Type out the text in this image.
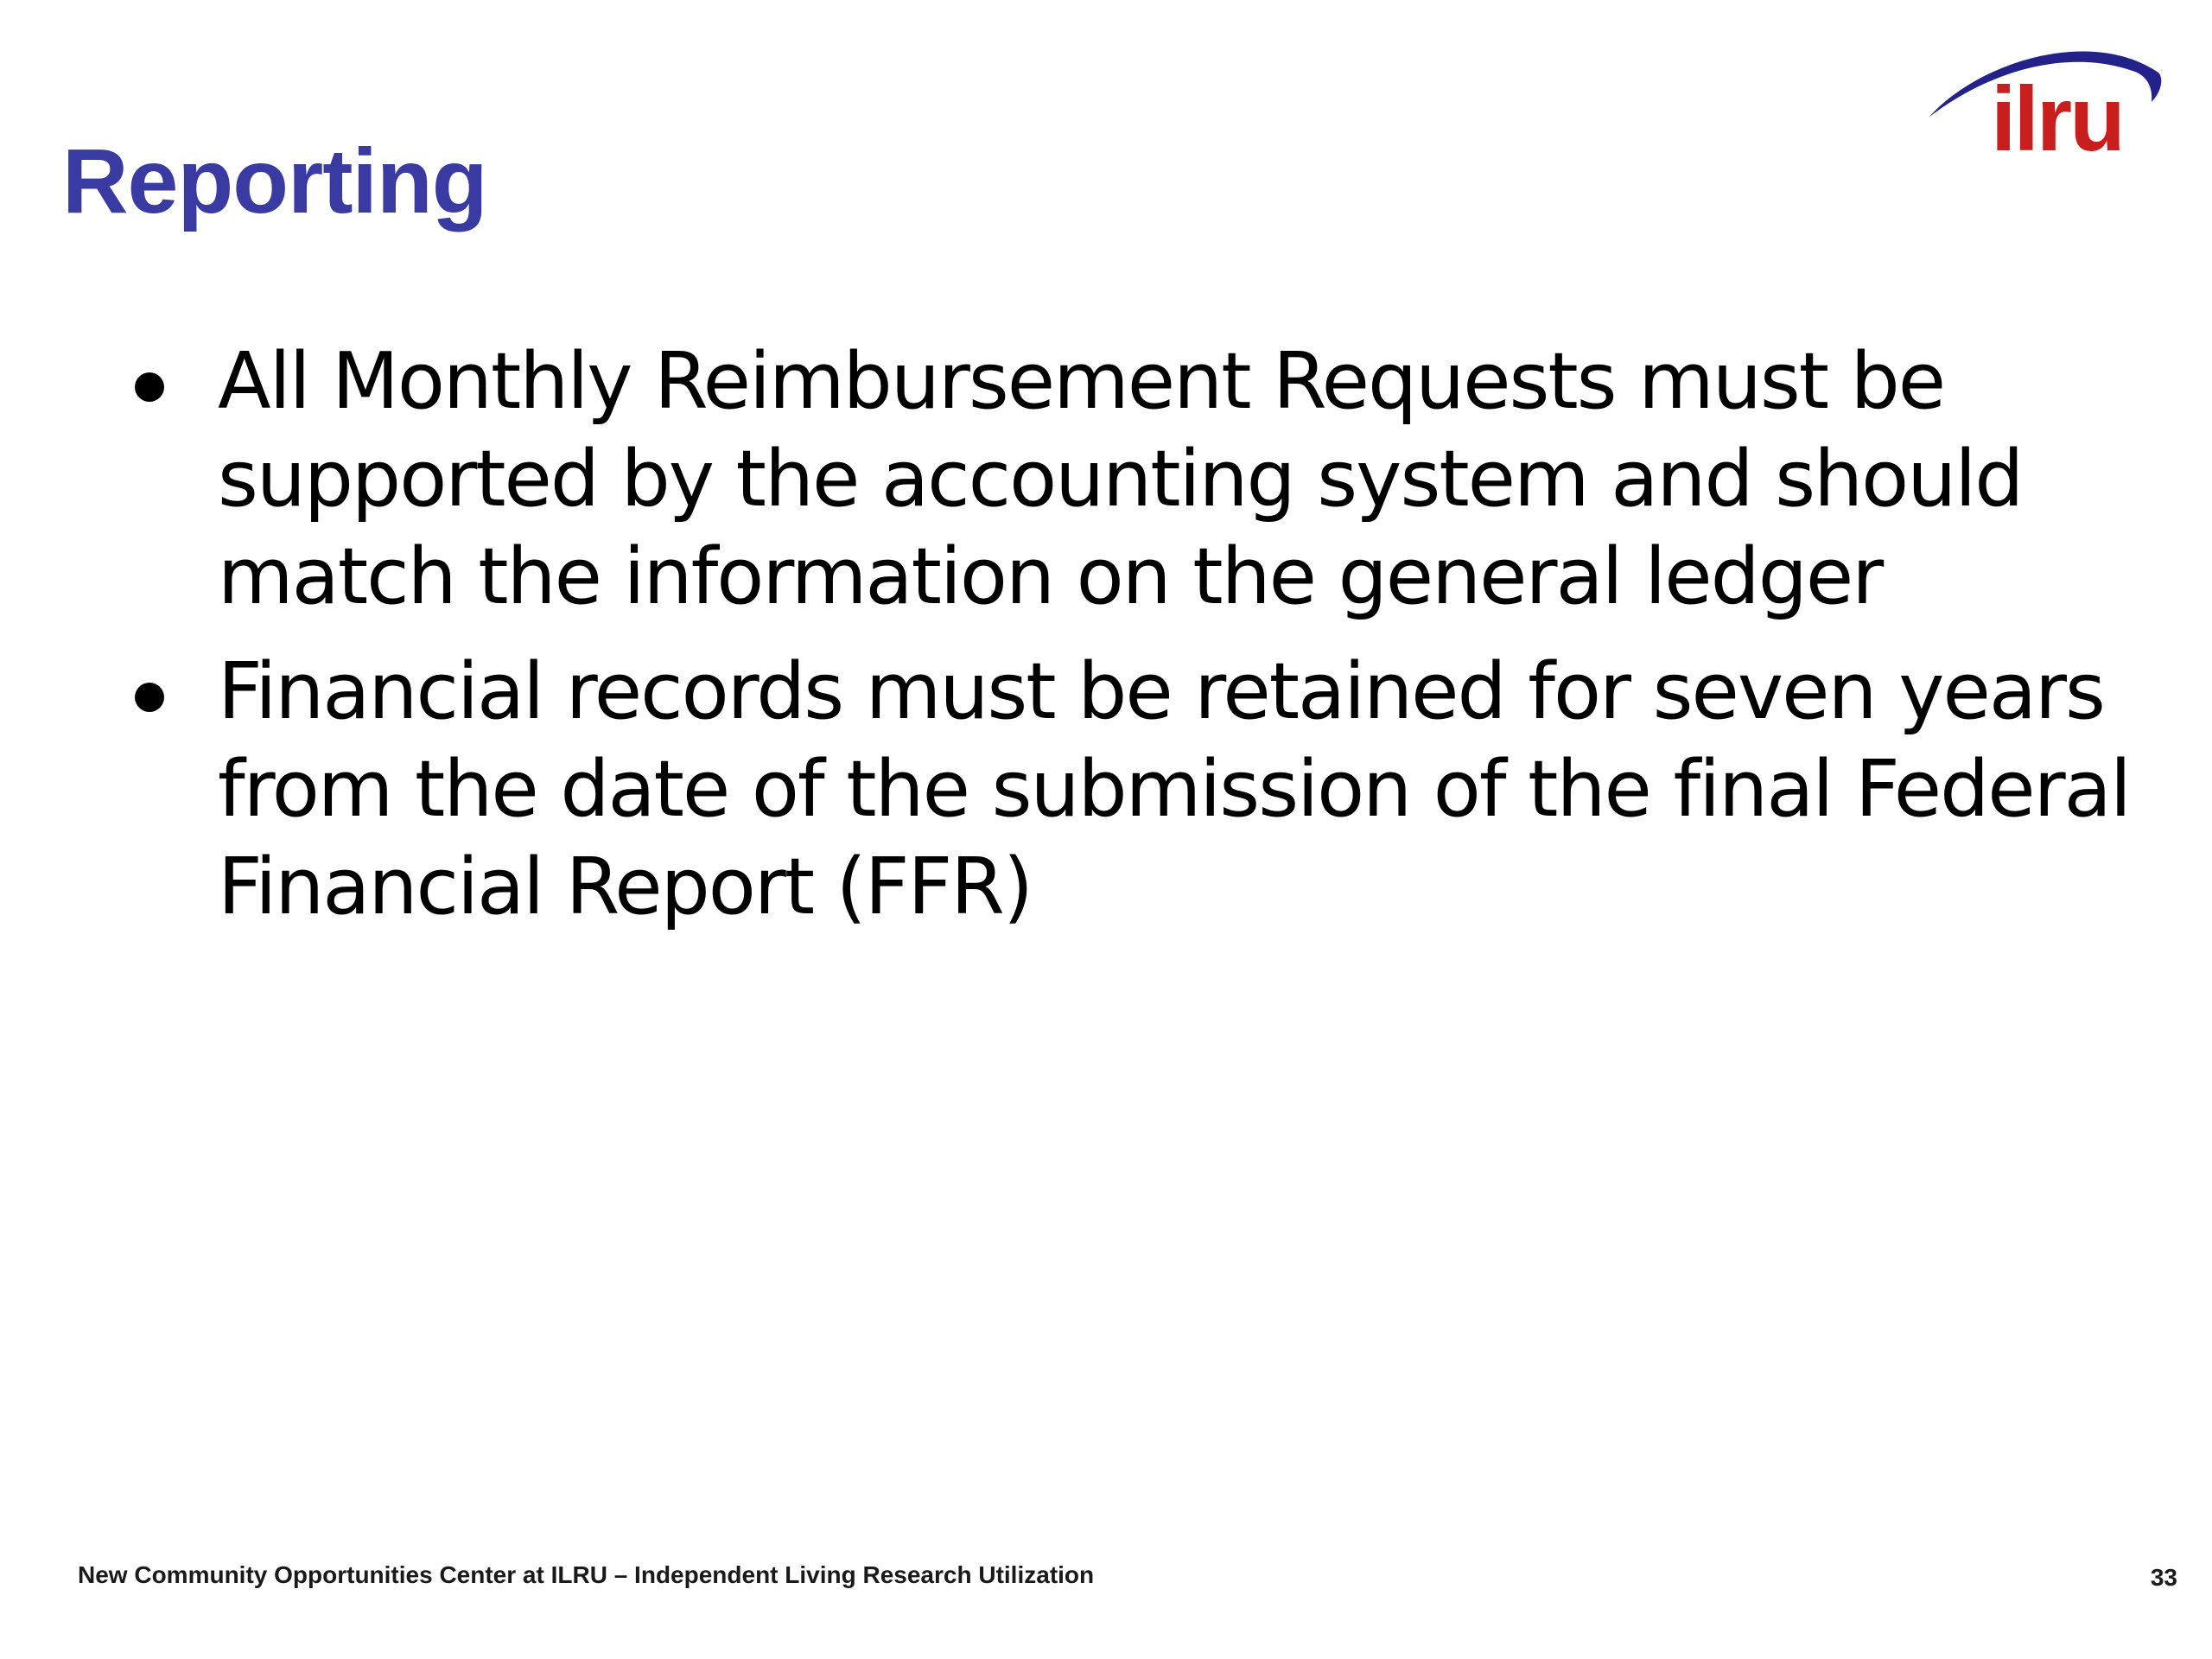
Reporting
ilru
All Monthly Reimbursement Requests must be supported by the accounting system and should match the information on the general ledger
Financial records must be retained for seven years from the date of the submission of the final Federal Financial Report (FFR)
New Community Opportunities Center at ILRU – Independent Living Research Utilization	33
